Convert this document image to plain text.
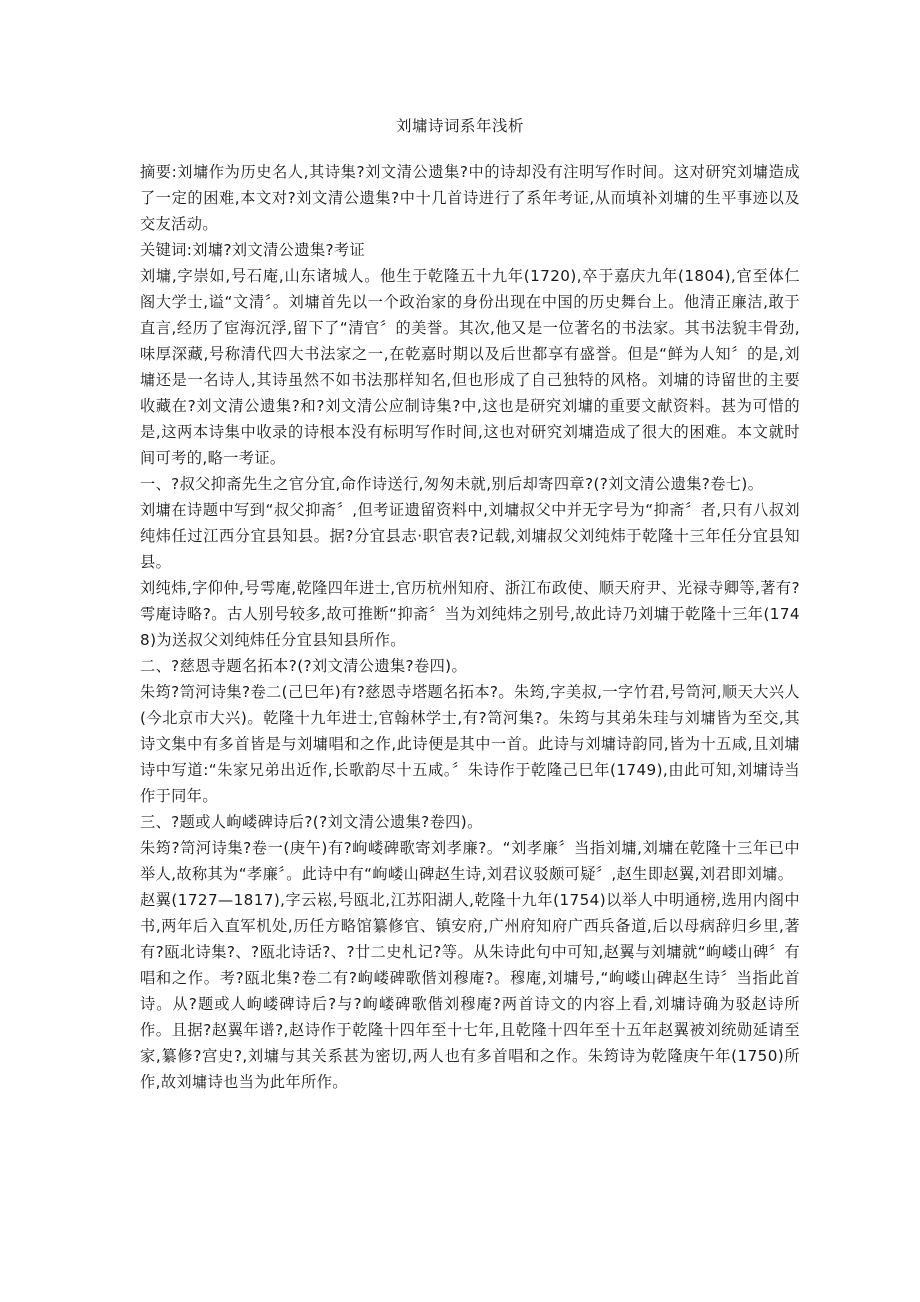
刘墉诗词系年浅析

摘要:刘墉作为历史名人,其诗集?刘文清公遗集?中的诗却没有注明写作时间。这对研究刘墉造成了一定的困难,本文对?刘文清公遗集?中十几首诗进行了系年考证,从而填补刘墉的生平事迹以及交友活动。

关键词:刘墉?刘文清公遗集?考证

刘墉,字崇如,号石庵,山东诸城人。他生于乾隆五十九年(1720),卒于嘉庆九年(1804),官至体仁阁大学士,谥“文清〞。刘墉首先以一个政治家的身份出现在中国的历史舞台上。他清正廉洁,敢于直言,经历了宦海沉浮,留下了“清官〞的美誉。其次,他又是一位著名的书法家。其书法貌丰骨劲,味厚深藏,号称清代四大书法家之一,在乾嘉时期以及后世都享有盛誉。但是“鲜为人知〞的是,刘墉还是一名诗人,其诗虽然不如书法那样知名,但也形成了自己独特的风格。刘墉的诗留世的主要收藏在?刘文清公遗集?和?刘文清公应制诗集?中,这也是研究刘墉的重要文献资料。甚为可惜的是,这两本诗集中收录的诗根本没有标明写作时间,这也对研究刘墉造成了很大的困难。本文就时间可考的,略一考证。

一、?叔父抑斋先生之官分宜,命作诗送行,匆匆未就,别后却寄四章?(?刘文清公遗集?卷七)。

刘墉在诗题中写到“叔父抑斋〞,但考证遗留资料中,刘墉叔父中并无字号为“抑斋〞者,只有八叔刘纯炜任过江西分宜县知县。据?分宜县志·职官表?记载,刘墉叔父刘纯炜于乾隆十三年任分宜县知县。

刘纯炜,字仰仲,号雩庵,乾隆四年进士,官历杭州知府、浙江布政使、顺天府尹、光禄寺卿等,著有?雩庵诗略?。古人别号较多,故可推断“抑斋〞当为刘纯炜之别号,故此诗乃刘墉于乾隆十三年(1748)为送叔父刘纯炜任分宜县知县所作。

二、?慈恩寺题名拓本?(?刘文清公遗集?卷四)。

朱筠?笥河诗集?卷二(己巳年)有?慈恩寺塔题名拓本?。朱筠,字美叔,一字竹君,号笥河,顺天大兴人(今北京市大兴)。乾隆十九年进士,官翰林学士,有?笥河集?。朱筠与其弟朱珪与刘墉皆为至交,其诗文集中有多首皆是与刘墉唱和之作,此诗便是其中一首。此诗与刘墉诗韵同,皆为十五咸,且刘墉诗中写道:“朱家兄弟出近作,长歌韵尽十五咸。〞朱诗作于乾隆己巳年(1749),由此可知,刘墉诗当作于同年。

三、?题或人岣嵝碑诗后?(?刘文清公遗集?卷四)。

朱筠?笥河诗集?卷一(庚午)有?岣嵝碑歌寄刘孝廉?。“刘孝廉〞当指刘墉,刘墉在乾隆十三年已中举人,故称其为“孝廉〞。此诗中有“岣嵝山碑赵生诗,刘君议驳颇可疑〞,赵生即赵翼,刘君即刘墉。

赵翼(1727—1817),字云崧,号瓯北,江苏阳湖人,乾隆十九年(1754)以举人中明通榜,选用内阁中书,两年后入直军机处,历任方略馆纂修官、镇安府,广州府知府广西兵备道,后以母病辞归乡里,著有?瓯北诗集?、?瓯北诗话?、?廿二史札记?等。从朱诗此句中可知,赵翼与刘墉就“岣嵝山碑〞有唱和之作。考?瓯北集?卷二有?岣嵝碑歌偕刘穆庵?。穆庵,刘墉号,“岣嵝山碑赵生诗〞当指此首诗。从?题或人岣嵝碑诗后?与?岣嵝碑歌偕刘穆庵?两首诗文的内容上看,刘墉诗确为驳赵诗所作。且据?赵翼年谱?,赵诗作于乾隆十四年至十七年,且乾隆十四年至十五年赵翼被刘统勋延请至家,纂修?宫史?,刘墉与其关系甚为密切,两人也有多首唱和之作。朱筠诗为乾隆庚午年(1750)所作,故刘墉诗也当为此年所作。
